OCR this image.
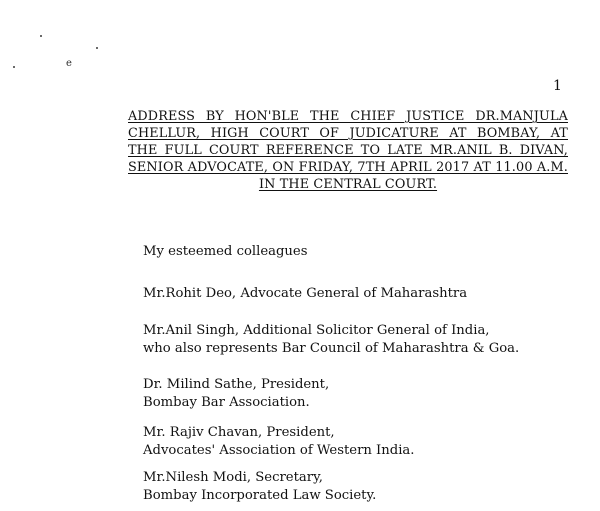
e
1
ADDRESS BY HON'BLE THE CHIEF JUSTICE DR.MANJULA
CHELLUR, HIGH COURT OF JUDICATURE AT BOMBAY, AT
THE FULL COURT REFERENCE TO LATE MR.ANIL B. DIVAN,
SENIOR ADVOCATE, ON FRIDAY, 7TH APRIL 2017 AT 11.00 A.M.
IN THE CENTRAL COURT.
My esteemed colleagues
Mr.Rohit Deo, Advocate General of Maharashtra
Mr.Anil Singh, Additional Solicitor General of India,
who also represents Bar Council of Maharashtra & Goa.
Dr. Milind Sathe, President,
Bombay Bar Association.
Mr. Rajiv Chavan, President,
Advocates' Association of Western India.
Mr.Nilesh Modi, Secretary,
Bombay Incorporated Law Society.
